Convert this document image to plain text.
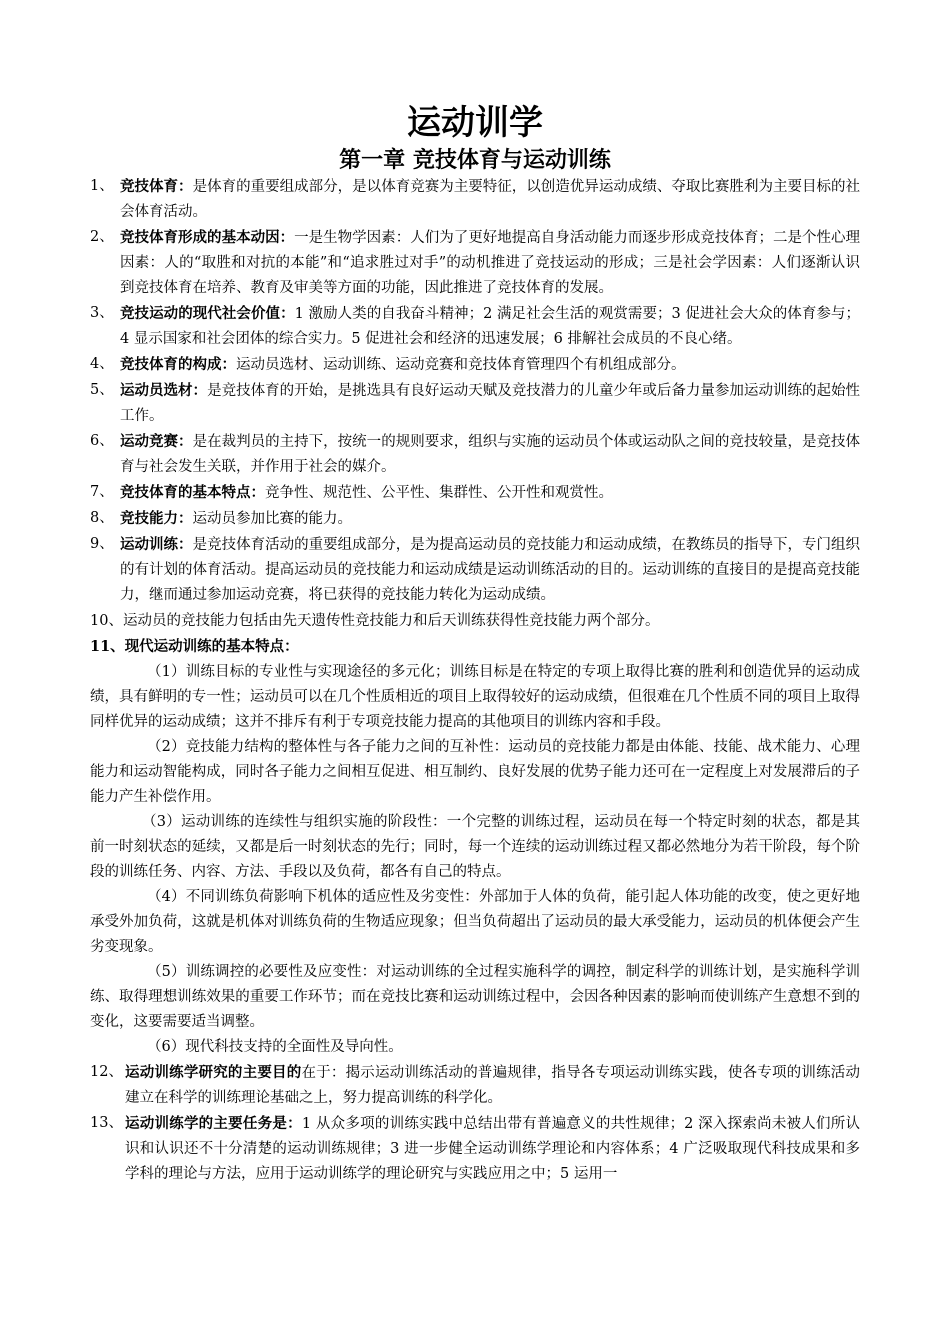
运动训学
第一章 竞技体育与运动训练

1、 竞技体育：是体育的重要组成部分，是以体育竞赛为主要特征，以创造优异运动成绩、夺取比赛胜利为主要目标的社会体育活动。

2、 竞技体育形成的基本动因：一是生物学因素：人们为了更好地提高自身活动能力而逐步形成竞技体育；二是个性心理因素：人的“取胜和对抗的本能”和“追求胜过对手”的动机推进了竞技运动的形成；三是社会学因素：人们逐渐认识到竞技体育在培养、教育及审美等方面的功能，因此推进了竞技体育的发展。

3、 竞技运动的现代社会价值：1 激励人类的自我奋斗精神；2 满足社会生活的观赏需要；3 促进社会大众的体育参与；4 显示国家和社会团体的综合实力。5 促进社会和经济的迅速发展；6 排解社会成员的不良心绪。

4、 竞技体育的构成：运动员选材、运动训练、运动竞赛和竞技体育管理四个有机组成部分。

5、 运动员选材：是竞技体育的开始，是挑选具有良好运动天赋及竞技潜力的儿童少年或后备力量参加运动训练的起始性工作。

6、 运动竞赛：是在裁判员的主持下，按统一的规则要求，组织与实施的运动员个体或运动队之间的竞技较量，是竞技体育与社会发生关联，并作用于社会的媒介。

7、 竞技体育的基本特点：竞争性、规范性、公平性、集群性、公开性和观赏性。

8、 竞技能力：运动员参加比赛的能力。

9、 运动训练：是竞技体育活动的重要组成部分，是为提高运动员的竞技能力和运动成绩，在教练员的指导下，专门组织的有计划的体育活动。提高运动员的竞技能力和运动成绩是运动训练活动的目的。运动训练的直接目的是提高竞技能力，继而通过参加运动竞赛，将已获得的竞技能力转化为运动成绩。

10、运动员的竞技能力包括由先天遗传性竞技能力和后天训练获得性竞技能力两个部分。

11、现代运动训练的基本特点：

（1）训练目标的专业性与实现途径的多元化；训练目标是在特定的专项上取得比赛的胜利和创造优异的运动成绩，具有鲜明的专一性；运动员可以在几个性质相近的项目上取得较好的运动成绩，但很难在几个性质不同的项目上取得同样优异的运动成绩；这并不排斥有利于专项竞技能力提高的其他项目的训练内容和手段。

（2）竞技能力结构的整体性与各子能力之间的互补性：运动员的竞技能力都是由体能、技能、战术能力、心理能力和运动智能构成，同时各子能力之间相互促进、相互制约、良好发展的优势子能力还可在一定程度上对发展滞后的子能力产生补偿作用。

（3）运动训练的连续性与组织实施的阶段性：一个完整的训练过程，运动员在每一个特定时刻的状态，都是其前一时刻状态的延续，又都是后一时刻状态的先行；同时，每一个连续的运动训练过程又都必然地分为若干阶段，每个阶段的训练任务、内容、方法、手段以及负荷，都各有自己的特点。

（4）不同训练负荷影响下机体的适应性及劣变性：外部加于人体的负荷，能引起人体功能的改变，使之更好地承受外加负荷，这就是机体对训练负荷的生物适应现象；但当负荷超出了运动员的最大承受能力，运动员的机体便会产生劣变现象。

（5）训练调控的必要性及应变性：对运动训练的全过程实施科学的调控，制定科学的训练计划，是实施科学训练、取得理想训练效果的重要工作环节；而在竞技比赛和运动训练过程中，会因各种因素的影响而使训练产生意想不到的变化，这要需要适当调整。

（6）现代科技支持的全面性及导向性。

12、 运动训练学研究的主要目的在于：揭示运动训练活动的普遍规律，指导各专项运动训练实践，使各专项的训练活动建立在科学的训练理论基础之上，努力提高训练的科学化。

13、 运动训练学的主要任务是：1 从众多项的训练实践中总结出带有普遍意义的共性规律；2 深入探索尚未被人们所认识和认识还不十分清楚的运动训练规律；3 进一步健全运动训练学理论和内容体系；4 广泛吸取现代科技成果和多学科的理论与方法，应用于运动训练学的理论研究与实践应用之中；5 运用一
